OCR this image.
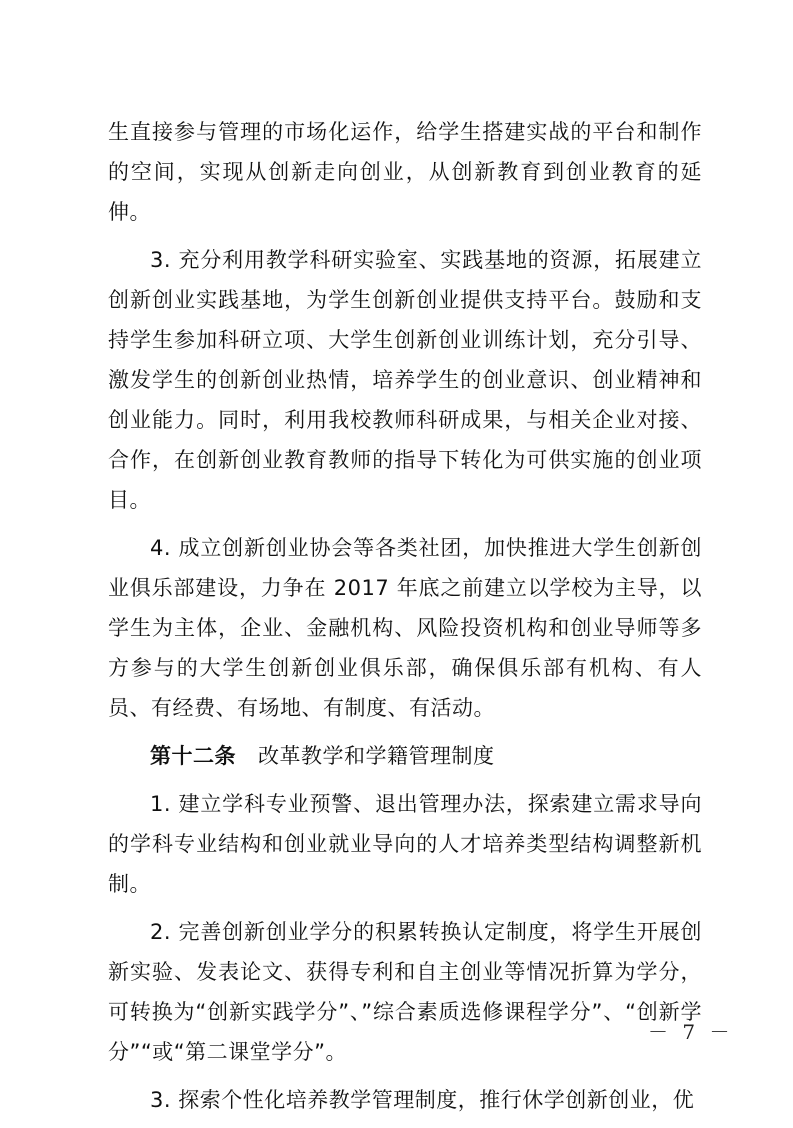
生直接参与管理的市场化运作，给学生搭建实战的平台和制作的空间，实现从创新走向创业，从创新教育到创业教育的延伸。

3. 充分利用教学科研实验室、实践基地的资源，拓展建立创新创业实践基地，为学生创新创业提供支持平台。鼓励和支持学生参加科研立项、大学生创新创业训练计划，充分引导、激发学生的创新创业热情，培养学生的创业意识、创业精神和创业能力。同时，利用我校教师科研成果，与相关企业对接、合作，在创新创业教育教师的指导下转化为可供实施的创业项目。

4. 成立创新创业协会等各类社团，加快推进大学生创新创业俱乐部建设，力争在 2017 年底之前建立以学校为主导，以学生为主体，企业、金融机构、风险投资机构和创业导师等多方参与的大学生创新创业俱乐部，确保俱乐部有机构、有人员、有经费、有场地、有制度、有活动。

第十二条 改革教学和学籍管理制度

1. 建立学科专业预警、退出管理办法，探索建立需求导向的学科专业结构和创业就业导向的人才培养类型结构调整新机制。

2. 完善创新创业学分的积累转换认定制度，将学生开展创新实验、发表论文、获得专利和自主创业等情况折算为学分，可转换为“创新实践学分”、”综合素质选修课程学分”、“创新学分”“或“第二课堂学分”。

3. 探索个性化培养教学管理制度，推行休学创新创业，优

－ 7 －
